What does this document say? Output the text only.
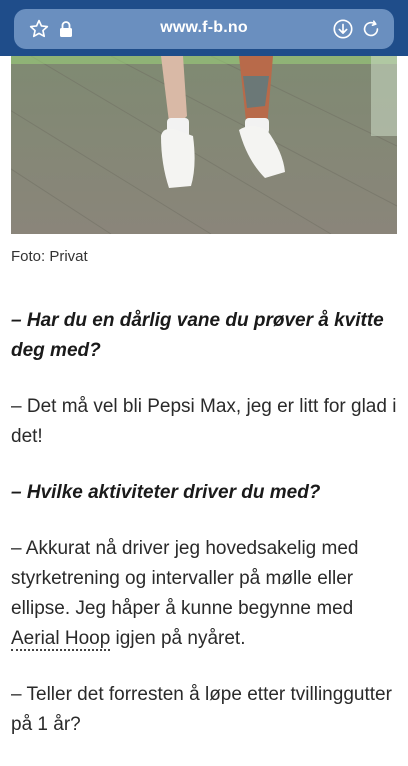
www.f-b.no
Foto: Privat

– Har du en dårlig vane du prøver å kvitte deg med?

– Det må vel bli Pepsi Max, jeg er litt for glad i det!

– Hvilke aktiviteter driver du med?

– Akkurat nå driver jeg hovedsakelig med styrketrening og intervaller på mølle eller ellipse. Jeg håper å kunne begynne med Aerial Hoop igjen på nyåret.

– Teller det forresten å løpe etter tvillinggutter på 1 år?
